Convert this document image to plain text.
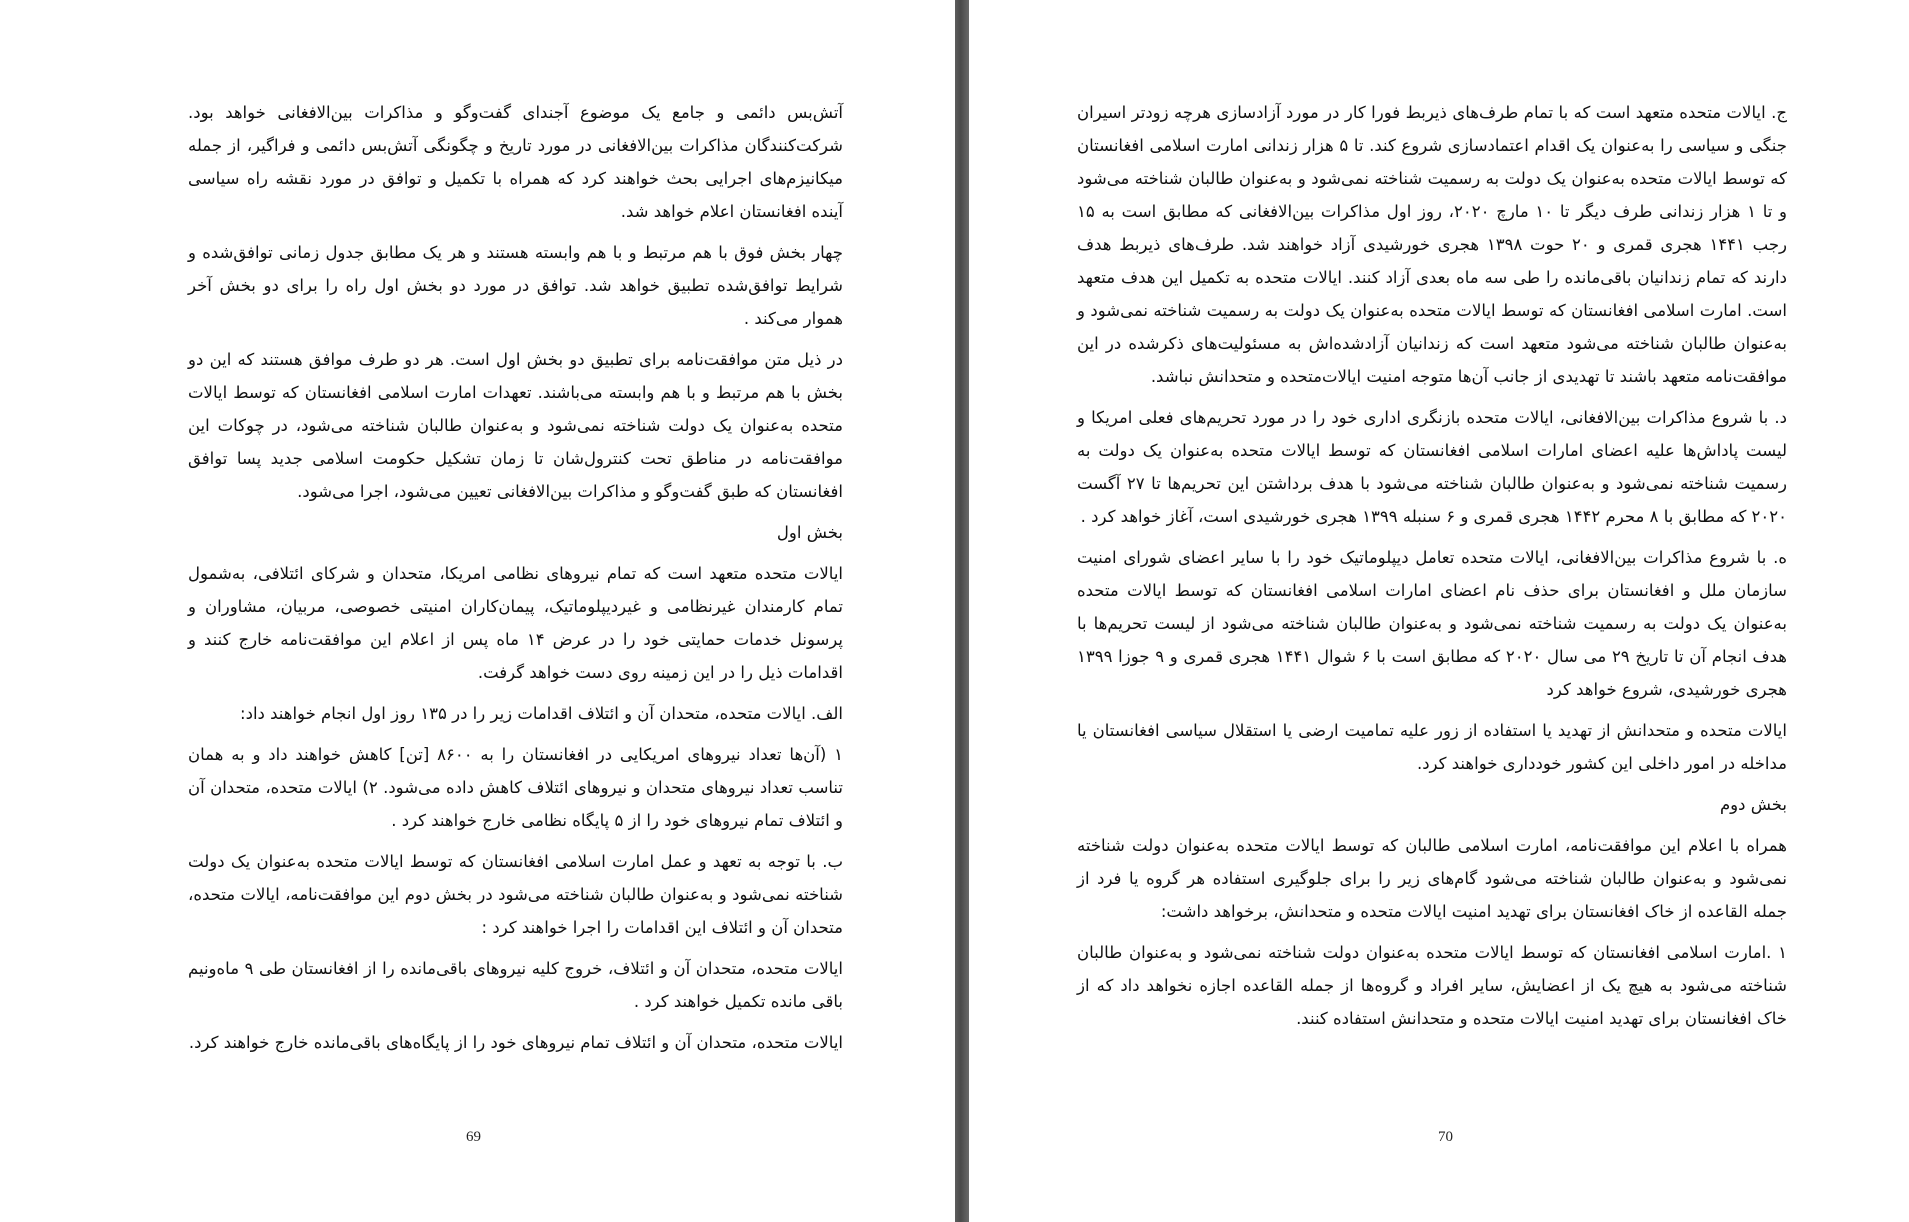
آتش‌بس دائمی و جامع یک موضوع آجندای گفت‌وگو و مذاکرات بین‌الافغانی خواهد بود. شرکت‌کنندگان مذاکرات بین‌الافغانی در مورد تاریخ و چگونگی آتش‌بس دائمی و فراگیر، از جمله میکانیزم‌های اجرایی بحث خواهند کرد که همراه با تکمیل و توافق در مورد نقشه راه سیاسی آینده افغانستان اعلام خواهد شد.

چهار بخش فوق با هم مرتبط و با هم وابسته هستند و هر یک مطابق جدول زمانی توافق‌شده و شرایط توافق‌شده تطبیق خواهد شد. توافق در مورد دو بخش اول راه را برای دو بخش آخر هموار می‌کند .

در ذیل متن موافقت‌نامه برای تطبیق دو بخش اول است. هر دو طرف موافق هستند که این دو بخش با هم مرتبط و با هم وابسته می‌باشند. تعهدات امارت اسلامی افغانستان که توسط ایالات متحده به‌عنوان یک دولت شناخته نمی‌شود و به‌عنوان طالبان شناخته می‌شود، در چوکات این موافقت‌نامه در مناطق تحت کنترول‌شان تا زمان تشکیل حکومت اسلامی جدید پسا توافق افغانستان که طبق گفت‌وگو و مذاکرات بین‌الافغانی تعیین می‌شود، اجرا می‌شود.

بخش اول

ایالات متحده متعهد است که تمام نیروهای نظامی امریکا، متحدان و شرکای ائتلافی، به‌شمول تمام کارمندان غیرنظامی و غیردیپلوماتیک، پیمان‌کاران امنیتی خصوصی، مربیان، مشاوران و پرسونل خدمات حمایتی خود را در عرض ۱۴ ماه پس از اعلام این موافقت‌نامه خارج کنند و اقدامات ذیل را در این زمینه روی دست خواهد گرفت.

الف. ایالات متحده، متحدان آن و ائتلاف اقدامات زیر را در ۱۳۵ روز اول انجام خواهند داد:

۱ (آن‌ها تعداد نیروهای امریکایی در افغانستان را به ۸۶۰۰ [تن] کاهش خواهند داد و به همان تناسب تعداد نیروهای متحدان و نیروهای ائتلاف کاهش داده می‌شود. ۲) ایالات متحده، متحدان آن و ائتلاف تمام نیروهای خود را از ۵ پایگاه نظامی خارج خواهند کرد .

ب. با توجه به تعهد و عمل امارت اسلامی افغانستان که توسط ایالات متحده به‌عنوان یک دولت شناخته نمی‌شود و به‌عنوان طالبان شناخته می‌شود در بخش دوم این موافقت‌نامه، ایالات متحده، متحدان آن و ائتلاف این اقدامات را اجرا خواهند کرد :

ایالات متحده، متحدان آن و ائتلاف، خروج کلیه نیروهای باقی‌مانده را از افغانستان طی ۹ ماه‌ونیم باقی مانده تکمیل خواهند کرد .

ایالات متحده، متحدان آن و ائتلاف تمام نیروهای خود را از پایگاه‌های باقی‌مانده خارج خواهند کرد.

69

ج. ایالات متحده متعهد است که با تمام طرف‌های ذیربط فورا کار در مورد آزادسازی هرچه زودتر اسیران جنگی و سیاسی را به‌عنوان یک اقدام اعتمادسازی شروع کند. تا ۵ هزار زندانی امارت اسلامی افغانستان که توسط ایالات متحده به‌عنوان یک دولت به رسمیت شناخته نمی‌شود و به‌عنوان طالبان شناخته می‌شود و تا ۱ هزار زندانی طرف دیگر تا ۱۰ مارچ ۲۰۲۰، روز اول مذاکرات بین‌الافغانی که مطابق است به ۱۵ رجب ۱۴۴۱ هجری قمری و ۲۰ حوت ۱۳۹۸ هجری خورشیدی آزاد خواهند شد. طرف‌های ذیربط هدف دارند که تمام زندانیان باقی‌مانده را طی سه ماه بعدی آزاد کنند. ایالات متحده به تکمیل این هدف متعهد است. امارت اسلامی افغانستان که توسط ایالات متحده به‌عنوان یک دولت به رسمیت شناخته نمی‌شود و به‌عنوان طالبان شناخته می‌شود متعهد است که زندانیان آزادشده‌اش به مسئولیت‌های ذکرشده در این موافقت‌نامه متعهد باشند تا تهدیدی از جانب آن‌ها متوجه امنیت ایالات‌متحده و متحدانش نباشد.

د. با شروع مذاکرات بین‌الافغانی، ایالات متحده بازنگری اداری خود را در مورد تحریم‌های فعلی امریکا و لیست پاداش‌ها علیه اعضای امارات اسلامی افغانستان که توسط ایالات متحده به‌عنوان یک دولت به رسمیت شناخته نمی‌شود و به‌عنوان طالبان شناخته می‌شود با هدف برداشتن این تحریم‌ها تا ۲۷ آگست ۲۰۲۰ که مطابق با ۸ محرم ۱۴۴۲ هجری قمری و ۶ سنبله ۱۳۹۹ هجری خورشیدی است، آغاز خواهد کرد .

ه. با شروع مذاکرات بین‌الافغانی، ایالات متحده تعامل دیپلوماتیک خود را با سایر اعضای شورای امنیت سازمان ملل و افغانستان برای حذف نام اعضای امارات اسلامی افغانستان که توسط ایالات متحده به‌عنوان یک دولت به رسمیت شناخته نمی‌شود و به‌عنوان طالبان شناخته می‌شود از لیست تحریم‌ها با هدف انجام آن تا تاریخ ۲۹ می سال ۲۰۲۰ که مطابق است با ۶ شوال ۱۴۴۱ هجری قمری و ۹ جوزا ۱۳۹۹ هجری خورشیدی، شروع خواهد کرد

ایالات متحده و متحدانش از تهدید یا استفاده از زور علیه تمامیت ارضی یا استقلال سیاسی افغانستان یا مداخله در امور داخلی این کشور خودداری خواهند کرد.

بخش دوم

همراه با اعلام این موافقت‌نامه، امارت اسلامی طالبان که توسط ایالات متحده به‌عنوان دولت شناخته نمی‌شود و به‌عنوان طالبان شناخته می‌شود گام‌های زیر را برای جلوگیری استفاده هر گروه یا فرد از جمله القاعده از خاک افغانستان برای تهدید امنیت ایالات متحده و متحدانش، برخواهد داشت:

۱ .امارت اسلامی افغانستان که توسط ایالات متحده به‌عنوان دولت شناخته نمی‌شود و به‌عنوان طالبان شناخته می‌شود به هیچ یک از اعضایش، سایر افراد و گروه‌ها از جمله القاعده اجازه نخواهد داد که از خاک افغانستان برای تهدید امنیت ایالات متحده و متحدانش استفاده کنند.

70
